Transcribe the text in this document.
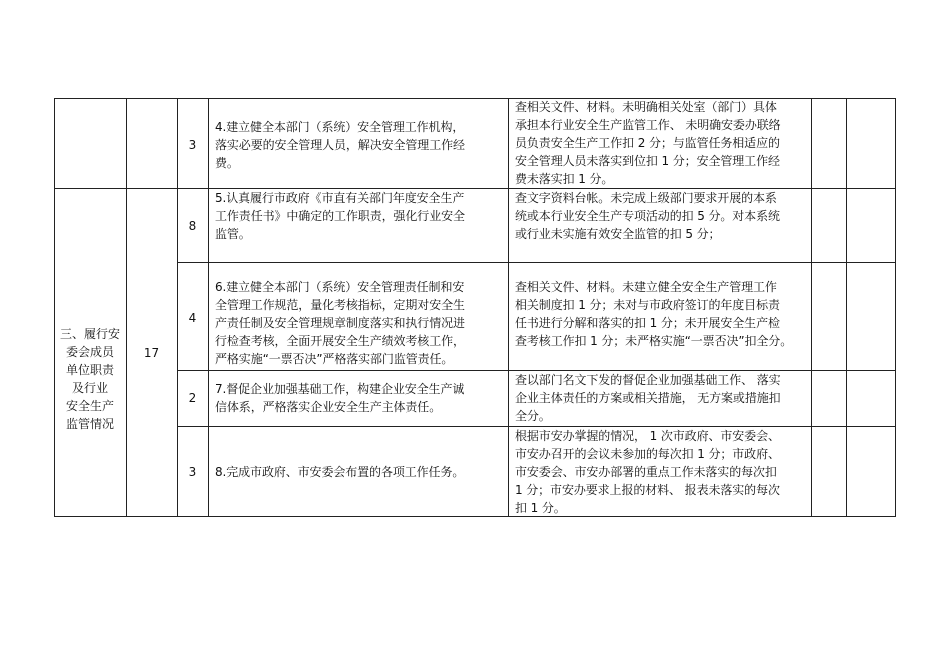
三、履行安
委会成员
单位职责
及行业
安全生产
监管情况
17
3
4.建立健全本部门（系统）安全管理工作机构，
落实必要的安全管理人员，解决安全管理工作经
费。
查相关文件、材料。未明确相关处室（部门）具体
承担本行业安全生产监管工作、 未明确安委办联络
员负责安全生产工作扣 2 分；与监管任务相适应的
安全管理人员未落实到位扣 1 分；安全管理工作经
费未落实扣 1 分。
8
5.认真履行市政府《市直有关部门年度安全生产
工作责任书》中确定的工作职责，强化行业安全
监管。
查文字资料台帐。未完成上级部门要求开展的本系
统或本行业安全生产专项活动的扣 5 分。对本系统
或行业未实施有效安全监管的扣 5 分；
4
6.建立健全本部门（系统）安全管理责任制和安
全管理工作规范，量化考核指标，定期对安全生
产责任制及安全管理规章制度落实和执行情况进
行检查考核，全面开展安全生产绩效考核工作，
严格实施“一票否决”严格落实部门监管责任。
查相关文件、材料。未建立健全安全生产管理工作
相关制度扣 1 分；未对与市政府签订的年度目标责
任书进行分解和落实的扣 1 分；未开展安全生产检
查考核工作扣 1 分；未严格实施“一票否决”扣全分。
2
7.督促企业加强基础工作，构建企业安全生产诚
信体系，严格落实企业安全生产主体责任。
查以部门名文下发的督促企业加强基础工作、 落实
企业主体责任的方案或相关措施， 无方案或措施扣
全分。
3	8.完成市政府、市安委会布置的各项工作任务。
根据市安办掌握的情况， 1 次市政府、市安委会、
市安办召开的会议未参加的每次扣 1 分；市政府、
市安委会、市安办部署的重点工作未落实的每次扣
1 分；市安办要求上报的材料、 报表未落实的每次
扣 1 分。
